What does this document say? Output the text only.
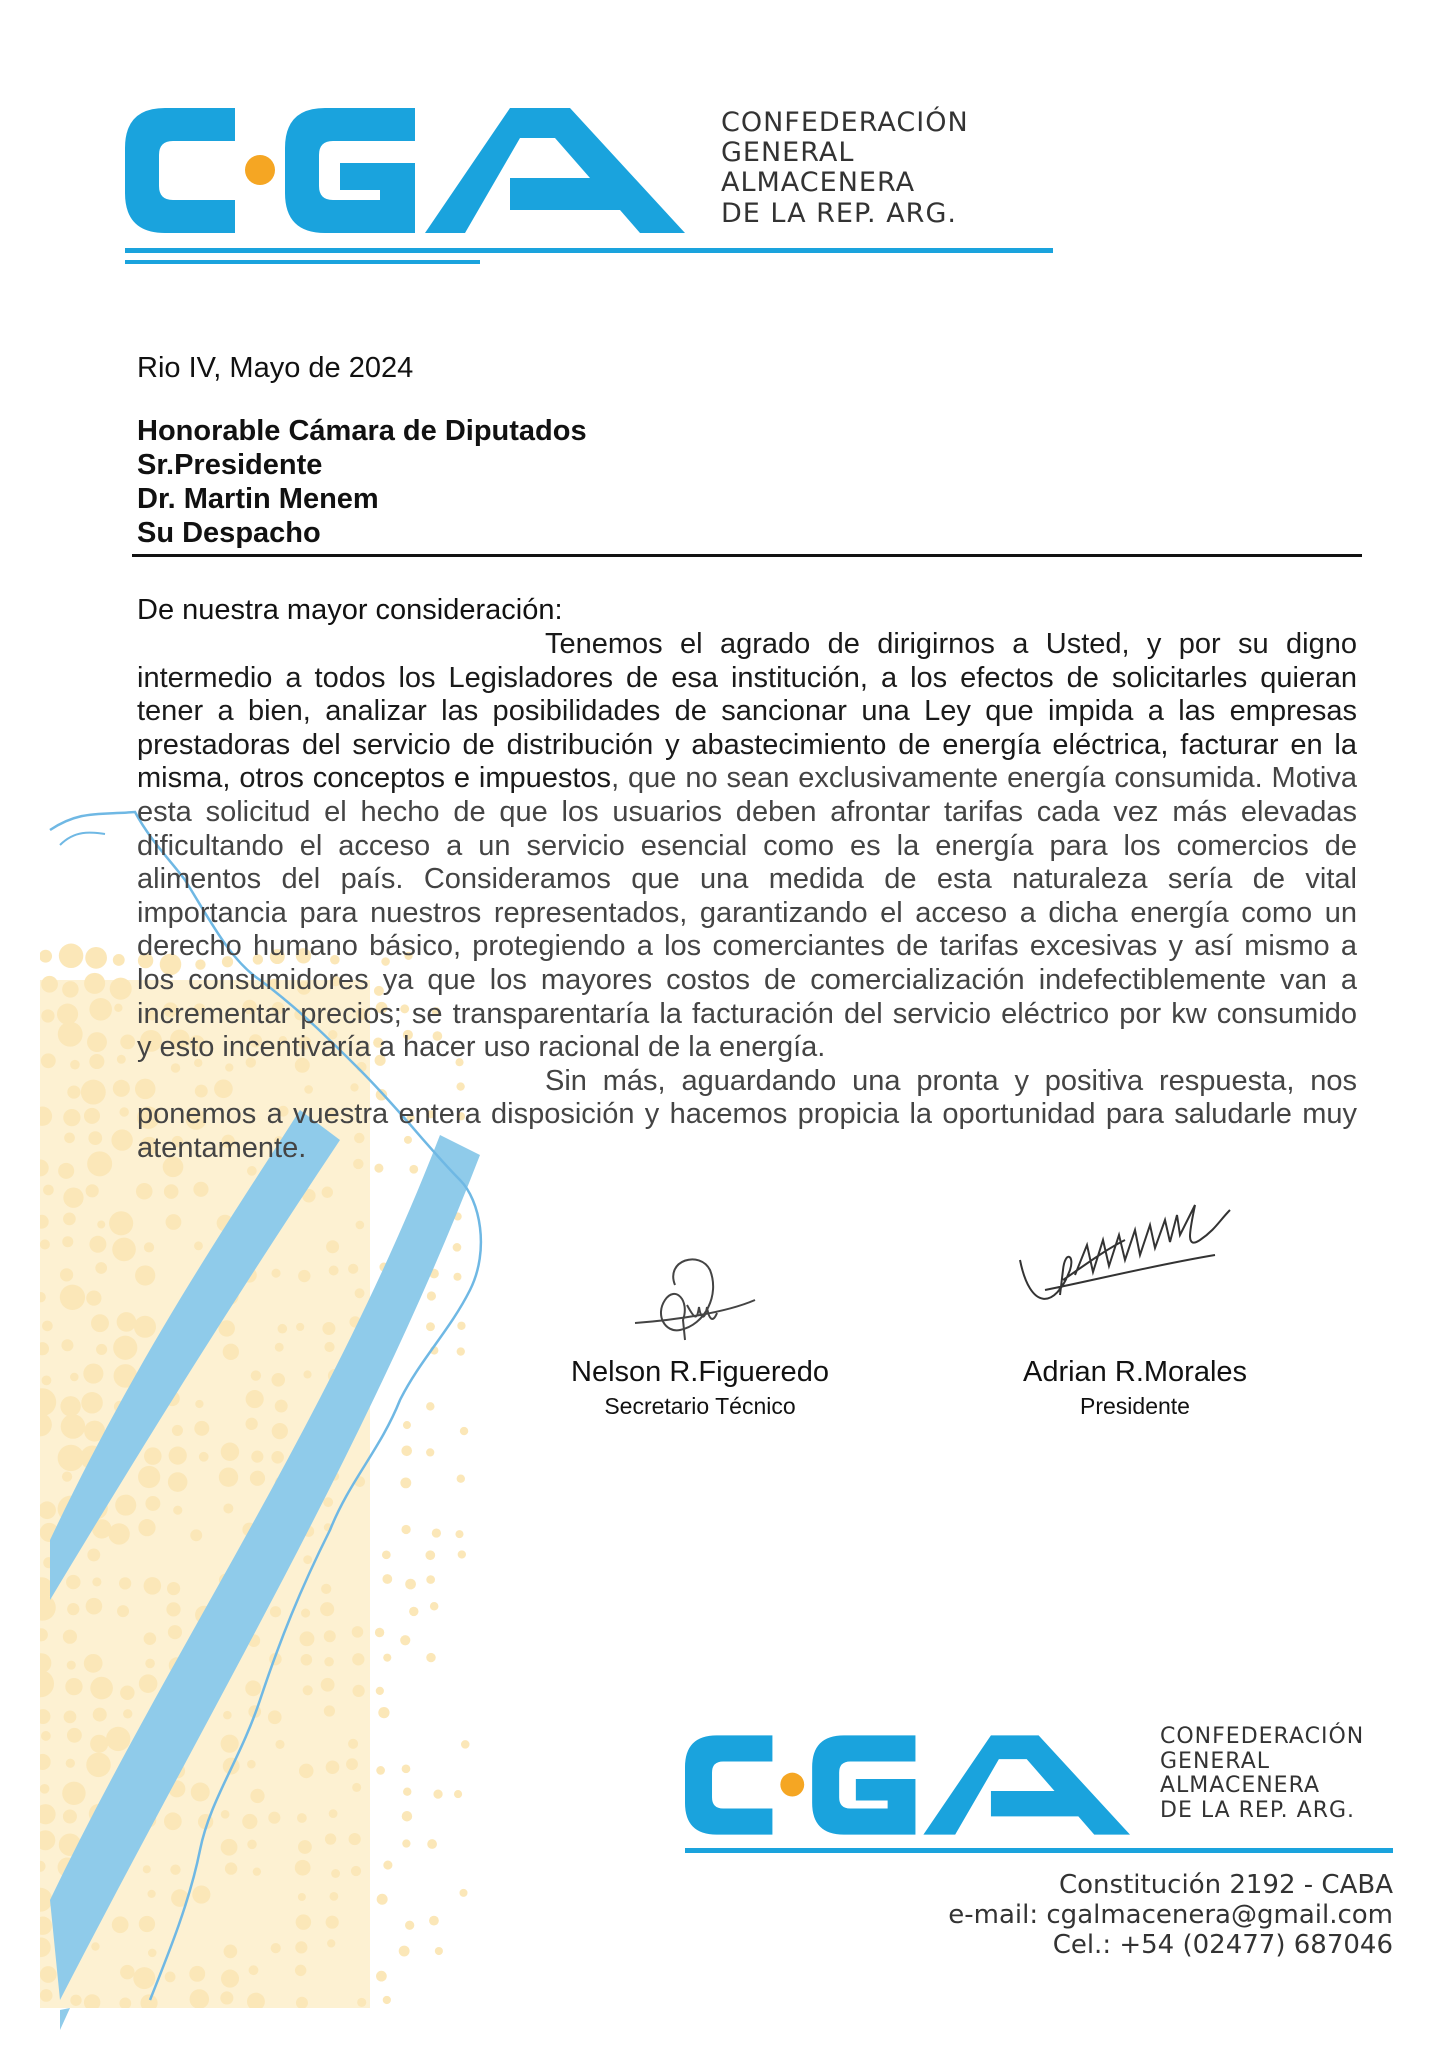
CONFEDERACIÓN
GENERAL
ALMACENERA
DE LA REP. ARG.
Rio IV, Mayo de 2024
Honorable Cámara de Diputados
Sr.Presidente
Dr. Martin Menem
Su Despacho
De nuestra mayor consideración:

Tenemos el agrado de dirigirnos a Usted, y por su digno intermedio a todos los Legisladores de esa institución, a los efectos de solicitarles quieran tener a bien, analizar las posibilidades de sancionar una Ley que impida a las empresas prestadoras del servicio de distribución y abastecimiento de energía eléctrica, facturar en la misma, otros conceptos e impuestos, que no sean exclusivamente energía consumida. Motiva esta solicitud el hecho de que los usuarios deben afrontar tarifas cada vez más elevadas dificultando el acceso a un servicio esencial como es la energía para los comercios de alimentos del país. Consideramos que una medida de esta naturaleza sería de vital importancia para nuestros representados, garantizando el acceso a dicha energía como un derecho humano básico, protegiendo a los comerciantes de tarifas excesivas y así mismo a los consumidores ya que los mayores costos de comercialización indefectiblemente van a incrementar precios; se transparentaría la facturación del servicio eléctrico por kw consumido y esto incentivaría a hacer uso racional de la energía.

Sin más, aguardando una pronta y positiva respuesta, nos ponemos a vuestra entera disposición y hacemos propicia la oportunidad para saludarle muy atentamente.

Nelson R.Figueredo
Secretario Técnico
Adrian R.Morales
Presidente
CONFEDERACIÓN
GENERAL
ALMACENERA
DE LA REP. ARG.
Constitución 2192 - CABA
e-mail: cgalmacenera@gmail.com
Cel.: +54 (02477) 687046
